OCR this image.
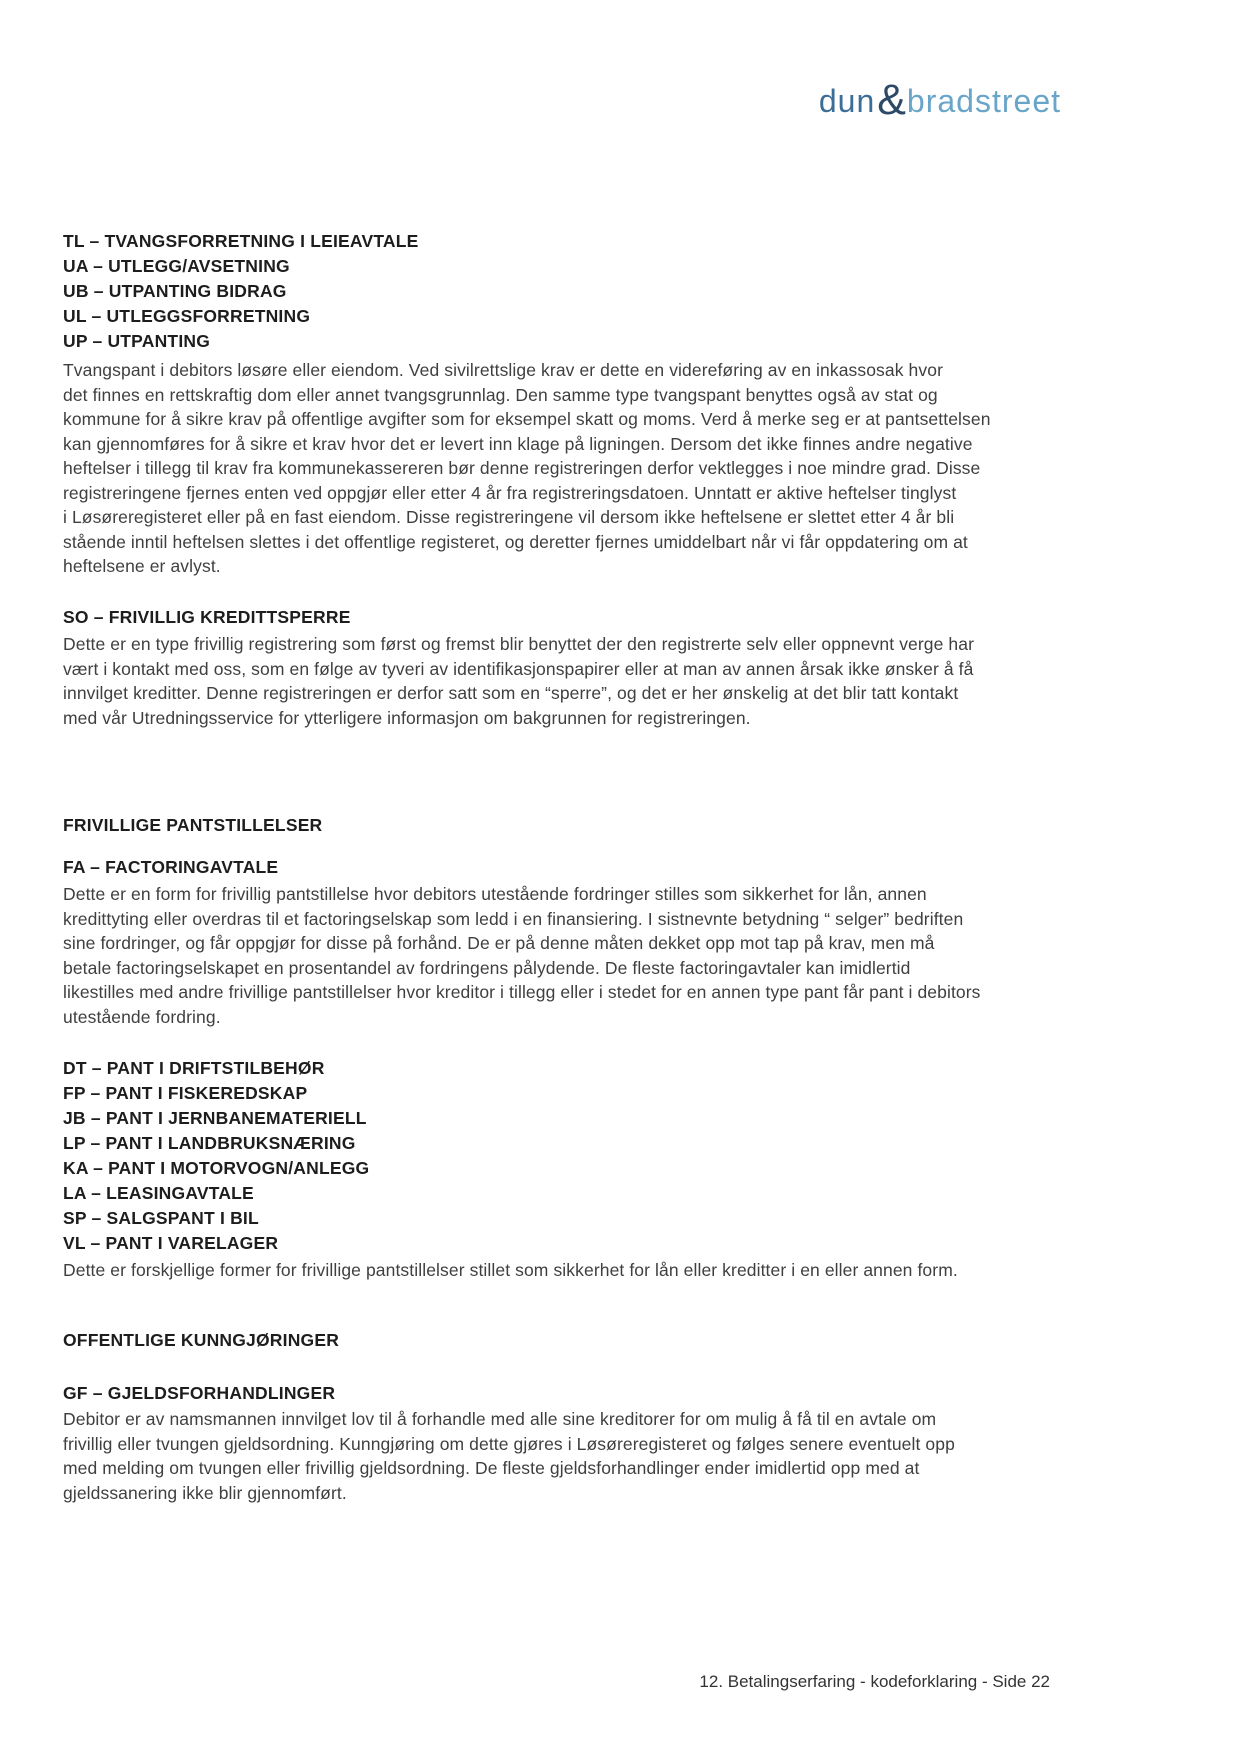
dun & bradstreet
TL – TVANGSFORRETNING I LEIEAVTALE
UA – UTLEGG/AVSETNING
UB – UTPANTING BIDRAG
UL – UTLEGGSFORRETNING
UP – UTPANTING
Tvangspant i debitors løsøre eller eiendom. Ved sivilrettslige krav er dette en videreføring av en inkassosak hvor
det finnes en rettskraftig dom eller annet tvangsgrunnlag. Den samme type tvangspant benyttes også av stat og
kommune for å sikre krav på offentlige avgifter som for eksempel skatt og moms. Verd å merke seg er at pantsettelsen
kan gjennomføres for å sikre et krav hvor det er levert inn klage på ligningen. Dersom det ikke finnes andre negative
heftelser i tillegg til krav fra kommunekassereren bør denne registreringen derfor vektlegges i noe mindre grad. Disse
registreringene fjernes enten ved oppgjør eller etter 4 år fra registreringsdatoen. Unntatt er aktive heftelser tinglyst
i Løsøreregisteret eller på en fast eiendom. Disse registreringene vil dersom ikke heftelsene er slettet etter 4 år bli
stående inntil heftelsen slettes i det offentlige registeret, og deretter fjernes umiddelbart når vi får oppdatering om at
heftelsene er avlyst.
SO – FRIVILLIG KREDITTSPERRE
Dette er en type frivillig registrering som først og fremst blir benyttet der den registrerte selv eller oppnevnt verge har
vært i kontakt med oss, som en følge av tyveri av identifikasjonspapirer eller at man av annen årsak ikke ønsker å få
innvilget kreditter. Denne registreringen er derfor satt som en “sperre”, og det er her ønskelig at det blir tatt kontakt
med vår Utredningsservice for ytterligere informasjon om bakgrunnen for registreringen.
FRIVILLIGE PANTSTILLELSER
FA – FACTORINGAVTALE
Dette er en form for frivillig pantstillelse hvor debitors utestående fordringer stilles som sikkerhet for lån, annen
kredittyting eller overdras til et factoringselskap som ledd i en finansiering. I sistnevnte betydning “ selger” bedriften
sine fordringer, og får oppgjør for disse på forhånd. De er på denne måten dekket opp mot tap på krav, men må
betale factoringselskapet en prosentandel av fordringens pålydende. De fleste factoringavtaler kan imidlertid
likestilles med andre frivillige pantstillelser hvor kreditor i tillegg eller i stedet for en annen type pant får pant i debitors
utestående fordring.
DT – PANT I DRIFTSTILBEHØR
FP – PANT I FISKEREDSKAP
JB – PANT I JERNBANEMATERIELL
LP – PANT I LANDBRUKSNÆRING
KA – PANT I MOTORVOGN/ANLEGG
LA – LEASINGAVTALE
SP – SALGSPANT I BIL
VL – PANT I VARELAGER
Dette er forskjellige former for frivillige pantstillelser stillet som sikkerhet for lån eller kreditter i en eller annen form.
OFFENTLIGE KUNNGJØRINGER
GF – GJELDSFORHANDLINGER
Debitor er av namsmannen innvilget lov til å forhandle med alle sine kreditorer for om mulig å få til en avtale om
frivillig eller tvungen gjeldsordning. Kunngjøring om dette gjøres i Løsøreregisteret og følges senere eventuelt opp
med melding om tvungen eller frivillig gjeldsordning. De fleste gjeldsforhandlinger ender imidlertid opp med at
gjeldssanering ikke blir gjennomført.
12. Betalingserfaring - kodeforklaring - Side 22
